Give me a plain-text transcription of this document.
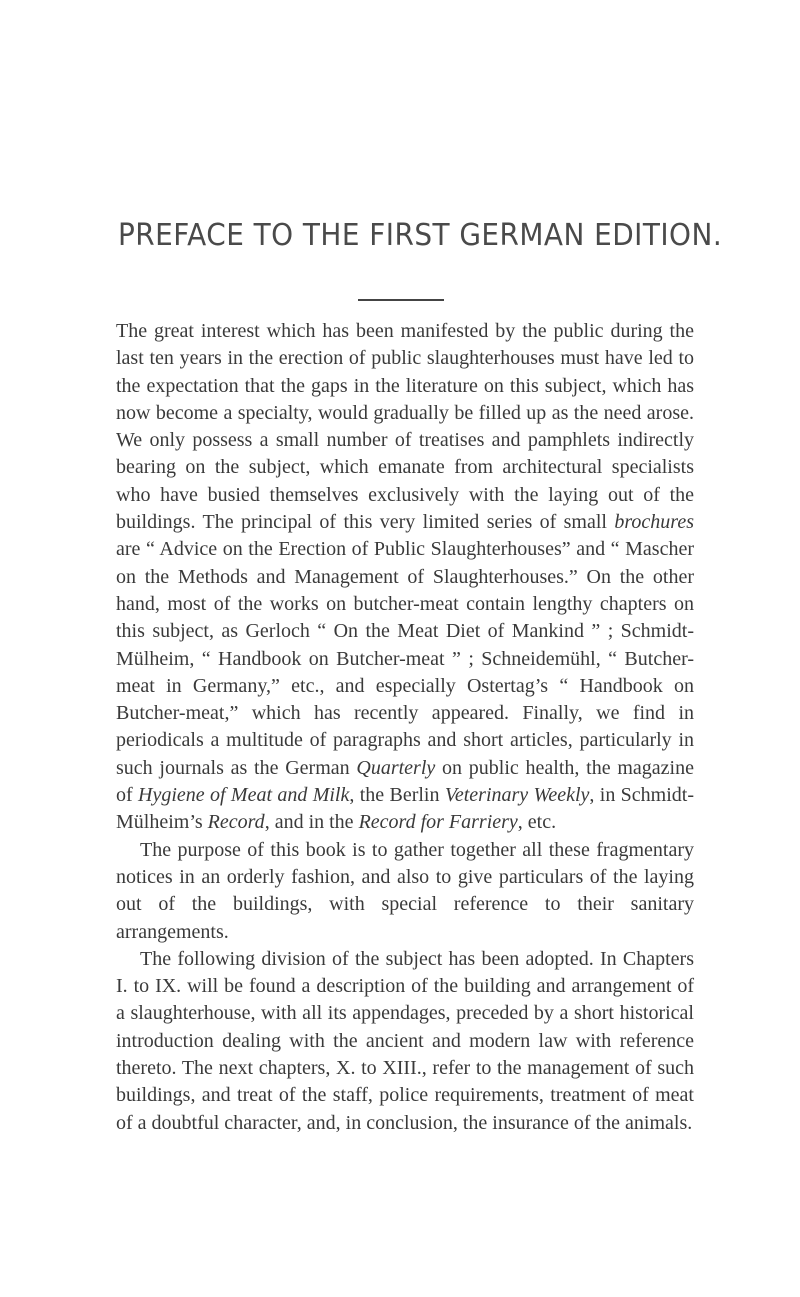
PREFACE TO THE FIRST GERMAN EDITION.

The great interest which has been manifested by the public during the last ten years in the erection of public slaughterhouses must have led to the expectation that the gaps in the literature on this subject, which has now become a specialty, would gradually be filled up as the need arose. We only possess a small number of treatises and pamphlets indirectly bearing on the subject, which emanate from architectural specialists who have busied themselves exclusively with the laying out of the buildings. The principal of this very limited series of small brochures are “ Advice on the Erection of Public Slaughterhouses” and “ Mascher on the Methods and Management of Slaughterhouses.” On the other hand, most of the works on butcher-meat contain lengthy chapters on this subject, as Gerloch “ On the Meat Diet of Mankind ” ; Schmidt-Mülheim, “ Handbook on Butcher-meat ” ; Schneidemühl, “ Butcher-meat in Germany,” etc., and especially Ostertag’s “ Handbook on Butcher-meat,” which has recently appeared. Finally, we find in periodicals a multitude of paragraphs and short articles, particularly in such journals as the German Quarterly on public health, the magazine of Hygiene of Meat and Milk, the Berlin Veterinary Weekly, in Schmidt-Mülheim’s Record, and in the Record for Farriery, etc.

The purpose of this book is to gather together all these fragmentary notices in an orderly fashion, and also to give particulars of the laying out of the buildings, with special reference to their sanitary arrangements.

The following division of the subject has been adopted. In Chapters I. to IX. will be found a description of the building and arrangement of a slaughterhouse, with all its appendages, preceded by a short historical introduction dealing with the ancient and modern law with reference thereto. The next chapters, X. to XIII., refer to the management of such buildings, and treat of the staff, police requirements, treatment of meat of a doubtful character, and, in conclusion, the insurance of the animals.
